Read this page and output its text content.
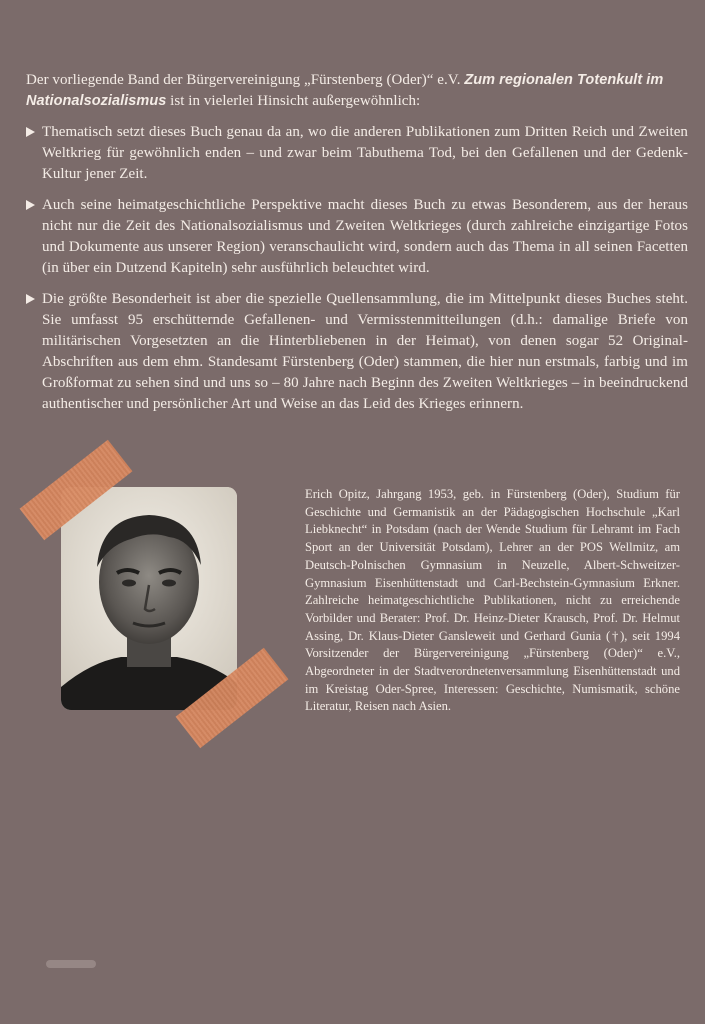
Der vorliegende Band der Bürgervereinigung „Fürstenberg (Oder)“ e.V. Zum regionalen Totenkult im Nationalsozialismus ist in vielerlei Hinsicht außergewöhnlich:

Thematisch setzt dieses Buch genau da an, wo die anderen Publikationen zum Dritten Reich und Zweiten Weltkrieg für gewöhnlich enden – und zwar beim Tabuthema Tod, bei den Gefallenen und der Gedenk-Kultur jener Zeit.
Auch seine heimatgeschichtliche Perspektive macht dieses Buch zu etwas Besonderem, aus der heraus nicht nur die Zeit des Nationalsozialismus und Zweiten Weltkrieges (durch zahlreiche einzigartige Fotos und Dokumente aus unserer Region) veranschaulicht wird, sondern auch das Thema in all seinen Facetten (in über ein Dutzend Kapiteln) sehr ausführlich beleuchtet wird.
Die größte Besonderheit ist aber die spezielle Quellensammlung, die im Mittelpunkt dieses Buches steht. Sie umfasst 95 erschütternde Gefallenen- und Vermisstenmitteilungen (d.h.: damalige Briefe von militärischen Vorgesetzten an die Hinterbliebenen in der Heimat), von denen sogar 52 Original-Abschriften aus dem ehm. Standesamt Fürstenberg (Oder) stammen, die hier nun erstmals, farbig und im Großformat zu sehen sind und uns so – 80 Jahre nach Beginn des Zweiten Weltkrieges – in beeindruckend authentischer und persönlicher Art und Weise an das Leid des Krieges erinnern.
Erich Opitz, Jahrgang 1953, geb. in Fürstenberg (Oder), Studium für Geschichte und Germanistik an der Pädagogischen Hochschule „Karl Liebknecht“ in Potsdam (nach der Wende Studium für Lehramt im Fach Sport an der Universität Potsdam), Lehrer an der POS Wellmitz, am Deutsch-Polnischen Gymnasium in Neuzelle, Albert-Schweitzer-Gymnasium Eisenhüttenstadt und Carl-Bechstein-Gymnasium Erkner. Zahlreiche heimatgeschichtliche Publikationen, nicht zu erreichende Vorbilder und Berater: Prof. Dr. Heinz-Dieter Krausch, Prof. Dr. Helmut Assing, Dr. Klaus-Dieter Gansleweit und Gerhard Gunia (†), seit 1994 Vorsitzender der Bürgervereinigung „Fürstenberg (Oder)“ e.V., Abgeordneter in der Stadtverordnetenversammlung Eisenhüttenstadt und im Kreistag Oder-Spree, Interessen: Geschichte, Numismatik, schöne Literatur, Reisen nach Asien.
